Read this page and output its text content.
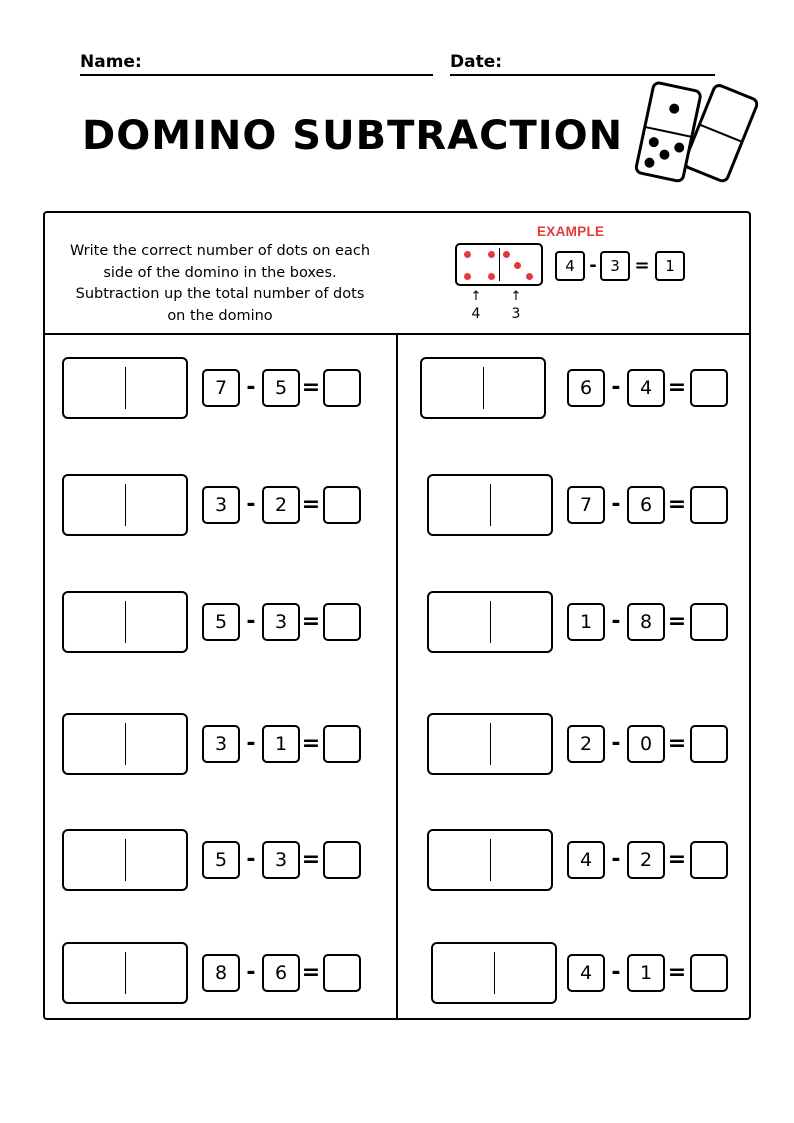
Name:	Date:
DOMINO SUBTRACTION
Write the correct number of dots on each
side of the domino in the boxes.
Subtraction up the total number of dots
on the domino
EXAMPLE
↑	↑
4	3
4 - 3 =	1
7 -	5 =
3 -	2 =
5 -	3 =
3 -	1 =
5 -	3 =
8 -	6 =
6 -	4 =
7 -	6 =
1 -	8 =
2 -	0 =
4 -	2 =
4 -	1 =
